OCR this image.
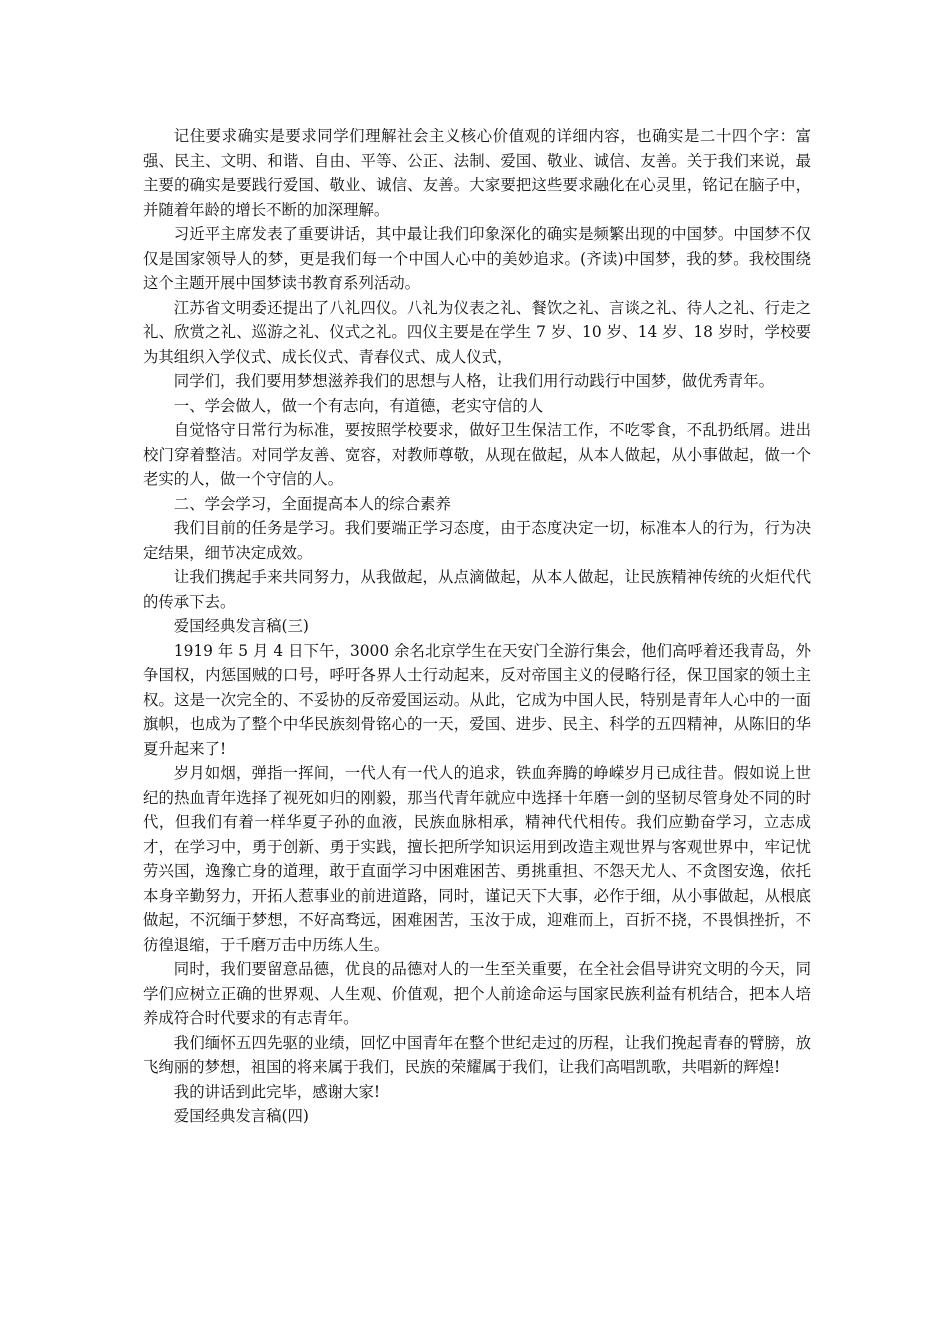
记住要求确实是要求同学们理解社会主义核心价值观的详细内容，也确实是二十四个字：富强、民主、文明、和谐、自由、平等、公正、法制、爱国、敬业、诚信、友善。关于我们来说，最主要的确实是要践行爱国、敬业、诚信、友善。大家要把这些要求融化在心灵里，铭记在脑子中，并随着年龄的增长不断的加深理解。

习近平主席发表了重要讲话，其中最让我们印象深化的确实是频繁出现的中国梦。中国梦不仅仅是国家领导人的梦，更是我们每一个中国人心中的美妙追求。(齐读)中国梦，我的梦。我校围绕这个主题开展中国梦读书教育系列活动。

江苏省文明委还提出了八礼四仪。八礼为仪表之礼、餐饮之礼、言谈之礼、待人之礼、行走之礼、欣赏之礼、巡游之礼、仪式之礼。四仪主要是在学生 7 岁、10 岁、14 岁、18 岁时，学校要为其组织入学仪式、成长仪式、青春仪式、成人仪式，

同学们，我们要用梦想滋养我们的思想与人格，让我们用行动践行中国梦，做优秀青年。

一、学会做人，做一个有志向，有道德，老实守信的人

自觉恪守日常行为标准，要按照学校要求，做好卫生保洁工作，不吃零食，不乱扔纸屑。进出校门穿着整洁。对同学友善、宽容，对教师尊敬，从现在做起，从本人做起，从小事做起，做一个老实的人，做一个守信的人。

二、学会学习，全面提高本人的综合素养

我们目前的任务是学习。我们要端正学习态度，由于态度决定一切，标准本人的行为，行为决定结果，细节决定成效。

让我们携起手来共同努力，从我做起，从点滴做起，从本人做起，让民族精神传统的火炬代代的传承下去。

爱国经典发言稿(三)

1919 年 5 月 4 日下午，3000 余名北京学生在天安门全游行集会，他们高呼着还我青岛，外争国权，内惩国贼的口号，呼吁各界人士行动起来，反对帝国主义的侵略行径，保卫国家的领土主权。这是一次完全的、不妥协的反帝爱国运动。从此，它成为中国人民，特别是青年人心中的一面旗帜，也成为了整个中华民族刻骨铭心的一天，爱国、进步、民主、科学的五四精神，从陈旧的华夏升起来了!

岁月如烟，弹指一挥间，一代人有一代人的追求，铁血奔腾的峥嵘岁月已成往昔。假如说上世纪的热血青年选择了视死如归的刚毅，那当代青年就应中选择十年磨一剑的坚韧尽管身处不同的时代，但我们有着一样华夏子孙的血液，民族血脉相承，精神代代相传。我们应勤奋学习，立志成才，在学习中，勇于创新、勇于实践，擅长把所学知识运用到改造主观世界与客观世界中，牢记忧劳兴国，逸豫亡身的道理，敢于直面学习中困难困苦、勇挑重担、不怨天尤人、不贪图安逸，依托本身辛勤努力，开拓人惹事业的前进道路，同时，谨记天下大事，必作于细，从小事做起，从根底做起，不沉缅于梦想，不好高骛远，困难困苦，玉汝于成，迎难而上，百折不挠，不畏惧挫折，不彷徨退缩，于千磨万击中历练人生。

同时，我们要留意品德，优良的品德对人的一生至关重要，在全社会倡导讲究文明的今天，同学们应树立正确的世界观、人生观、价值观，把个人前途命运与国家民族利益有机结合，把本人培养成符合时代要求的有志青年。

我们缅怀五四先驱的业绩，回忆中国青年在整个世纪走过的历程，让我们挽起青春的臂膀，放飞绚丽的梦想，祖国的将来属于我们，民族的荣耀属于我们，让我们高唱凯歌，共唱新的辉煌!

我的讲话到此完毕，感谢大家!

爱国经典发言稿(四)
